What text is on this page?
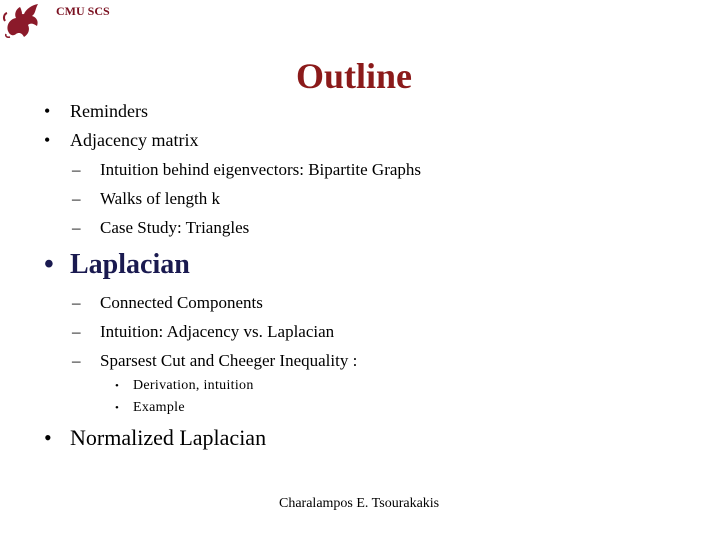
CMU SCS
Outline
• Reminders
• Adjacency matrix
– Intuition behind eigenvectors: Bipartite Graphs
– Walks of length k
– Case Study: Triangles
• Laplacian
– Connected Components
– Intuition: Adjacency vs. Laplacian
– Sparsest Cut and Cheeger Inequality :
• Derivation, intuition
• Example
• Normalized Laplacian
Charalampos E. Tsourakakis
